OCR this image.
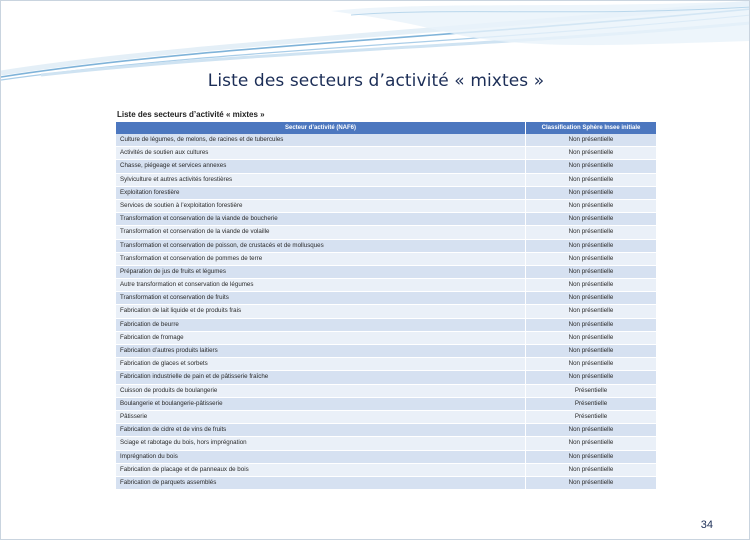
Liste des secteurs d’activité « mixtes »
Liste des secteurs d’activité « mixtes »
Secteur d’activité (NAF6)	Classification Sphère Insee initiale
Culture de légumes, de melons, de racines et de tubercules	Non présentielle
Activités de soutien aux cultures	Non présentielle
Chasse, piégeage et services annexes	Non présentielle
Sylviculture et autres activités forestières	Non présentielle
Exploitation forestière	Non présentielle
Services de soutien à l’exploitation forestière	Non présentielle
Transformation et conservation de la viande de boucherie	Non présentielle
Transformation et conservation de la viande de volaille	Non présentielle
Transformation et conservation de poisson, de crustacés et de mollusques	Non présentielle
Transformation et conservation de pommes de terre	Non présentielle
Préparation de jus de fruits et légumes	Non présentielle
Autre transformation et conservation de légumes	Non présentielle
Transformation et conservation de fruits	Non présentielle
Fabrication de lait liquide et de produits frais	Non présentielle
Fabrication de beurre	Non présentielle
Fabrication de fromage	Non présentielle
Fabrication d’autres produits laitiers	Non présentielle
Fabrication de glaces et sorbets	Non présentielle
Fabrication industrielle de pain et de pâtisserie fraîche	Non présentielle
Cuisson de produits de boulangerie	Présentielle
Boulangerie et boulangerie-pâtisserie	Présentielle
Pâtisserie	Présentielle
Fabrication de cidre et de vins de fruits	Non présentielle
Sciage et rabotage du bois, hors imprégnation	Non présentielle
Imprégnation du bois	Non présentielle
Fabrication de placage et de panneaux de bois	Non présentielle
Fabrication de parquets assemblés	Non présentielle
34
